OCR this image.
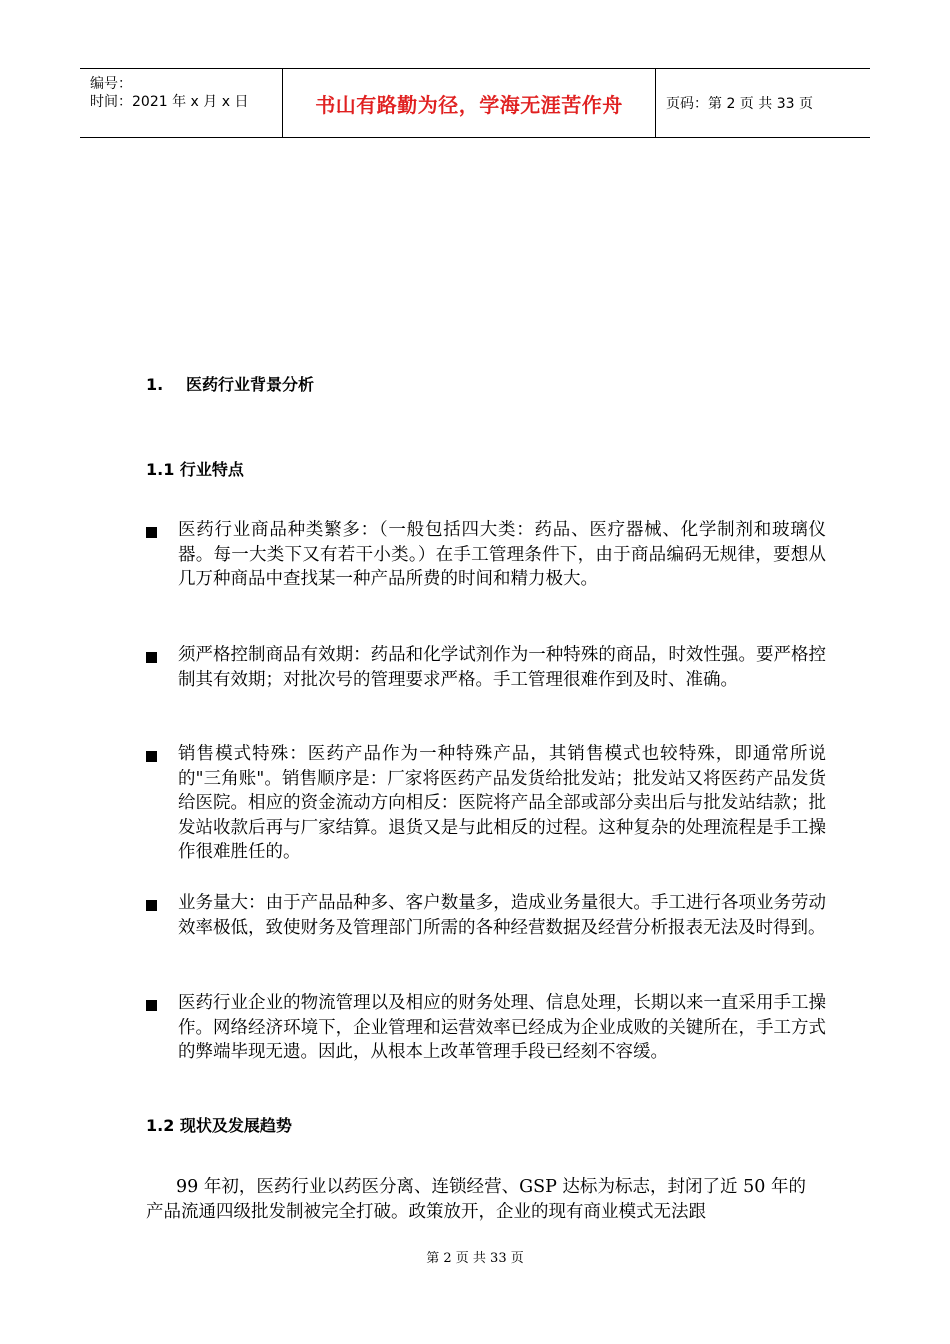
编号：
时间：2021 年 x 月 x 日	书山有路勤为径，学海无涯苦作舟	页码：第 2 页 共 33 页
1. 医药行业背景分析
1.1 行业特点
医药行业商品种类繁多：（一般包括四大类：药品、医疗器械、化学制剂和玻璃仪器。每一大类下又有若干小类。）在手工管理条件下，由于商品编码无规律，要想从几万种商品中查找某一种产品所费的时间和精力极大。
须严格控制商品有效期：药品和化学试剂作为一种特殊的商品，时效性强。要严格控制其有效期；对批次号的管理要求严格。手工管理很难作到及时、准确。
销售模式特殊：医药产品作为一种特殊产品，其销售模式也较特殊，即通常所说的"三角账"。销售顺序是：厂家将医药产品发货给批发站；批发站又将医药产品发货给医院。相应的资金流动方向相反：医院将产品全部或部分卖出后与批发站结款；批发站收款后再与厂家结算。退货又是与此相反的过程。这种复杂的处理流程是手工操作很难胜任的。
业务量大：由于产品品种多、客户数量多，造成业务量很大。手工进行各项业务劳动效率极低，致使财务及管理部门所需的各种经营数据及经营分析报表无法及时得到。
医药行业企业的物流管理以及相应的财务处理、信息处理，长期以来一直采用手工操作。网络经济环境下，企业管理和运营效率已经成为企业成败的关键所在，手工方式的弊端毕现无遗。因此，从根本上改革管理手段已经刻不容缓。
1.2 现状及发展趋势
99 年初，医药行业以药医分离、连锁经营、GSP 达标为标志，封闭了近 50 年的产品流通四级批发制被完全打破。政策放开，企业的现有商业模式无法跟
第 2 页 共 33 页
